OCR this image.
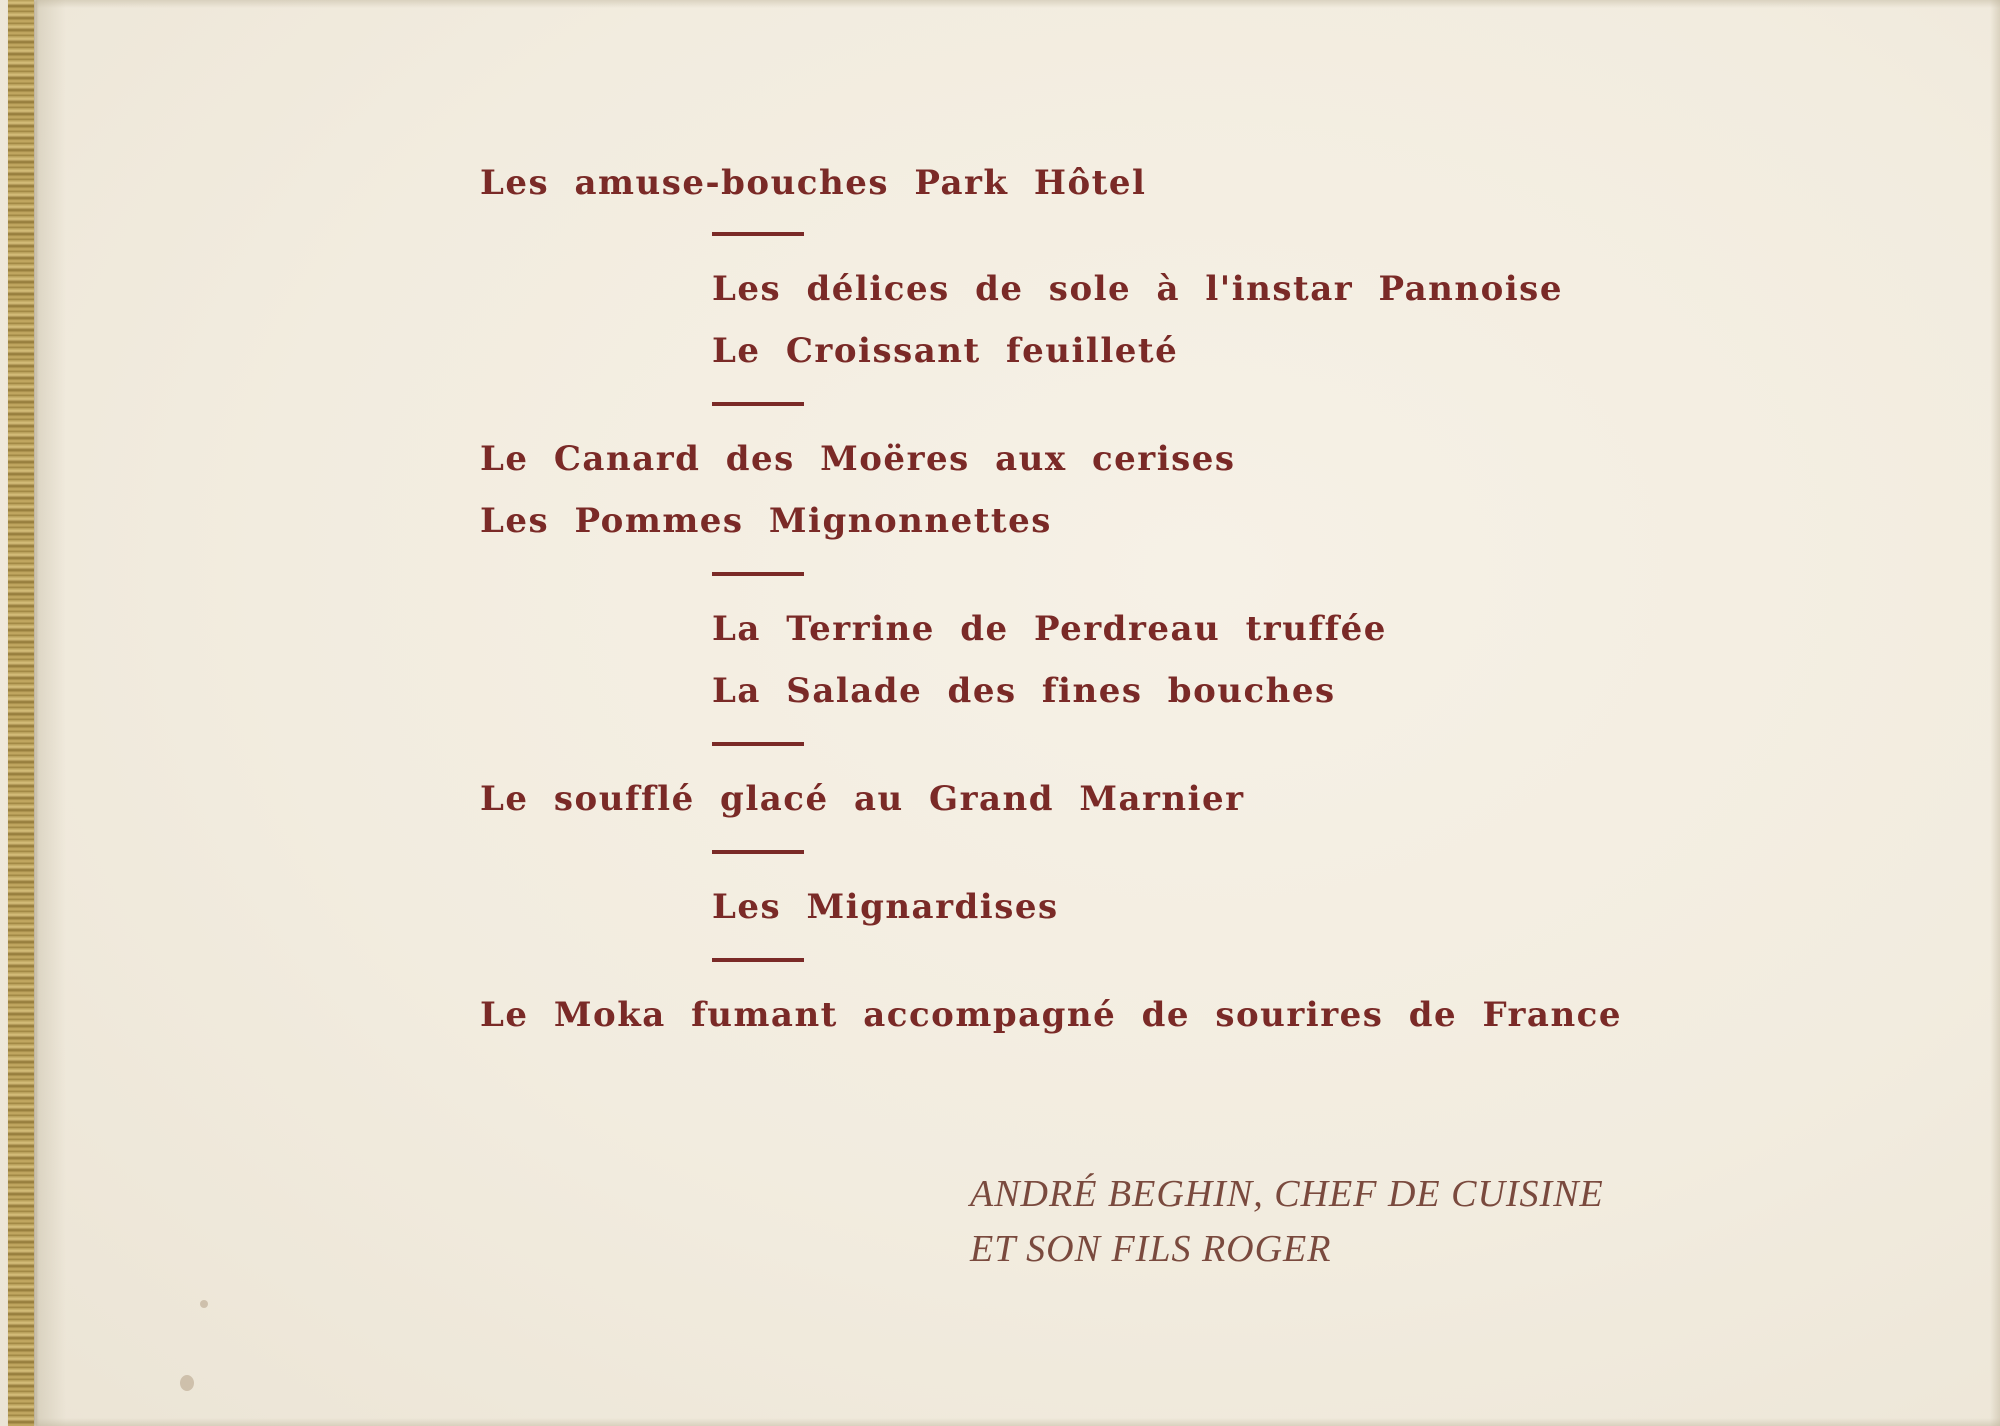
Les amuse-bouches Park Hôtel

Les délices de sole à l'instar Pannoise

Le Croissant feuilleté

Le Canard des Moëres aux cerises

Les Pommes Mignonnettes

La Terrine de Perdreau truffée

La Salade des fines bouches

Le soufflé glacé au Grand Marnier

Les Mignardises

Le Moka fumant accompagné de sourires de France

ANDRÉ BEGHIN, CHEF DE CUISINE

ET SON FILS ROGER
